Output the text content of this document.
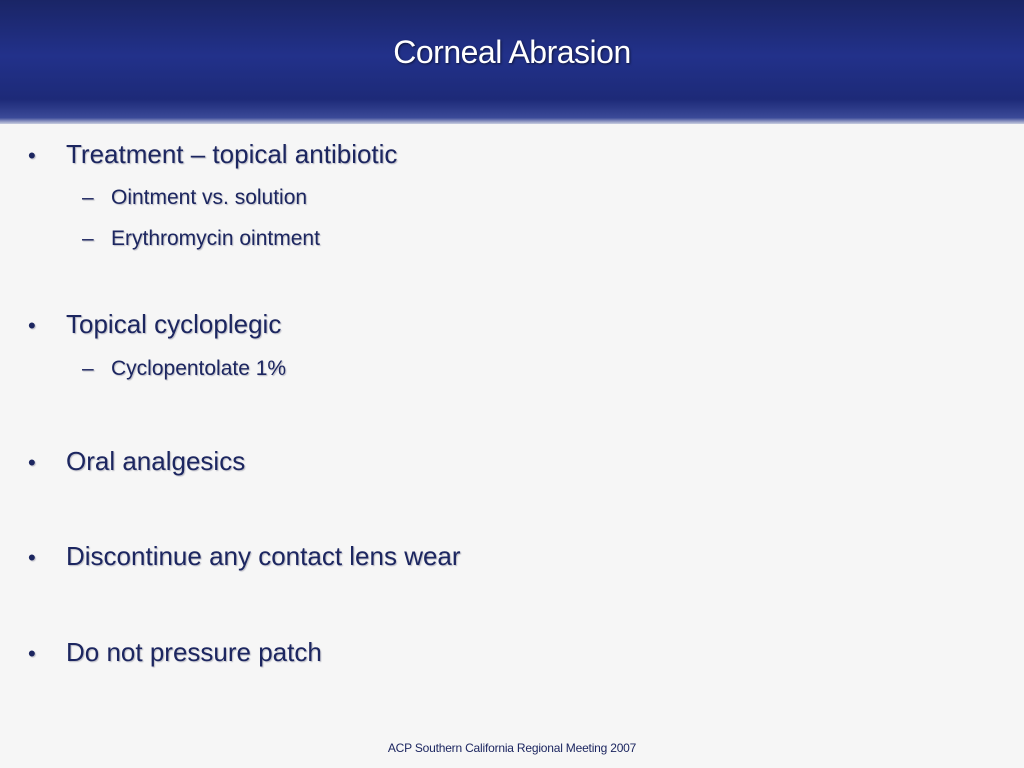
Corneal Abrasion
• Treatment – topical antibiotic
– Ointment vs. solution
– Erythromycin ointment
• Topical cycloplegic
– Cyclopentolate 1%
• Oral analgesics
• Discontinue any contact lens wear
• Do not pressure patch
ACP Southern California Regional Meeting 2007
